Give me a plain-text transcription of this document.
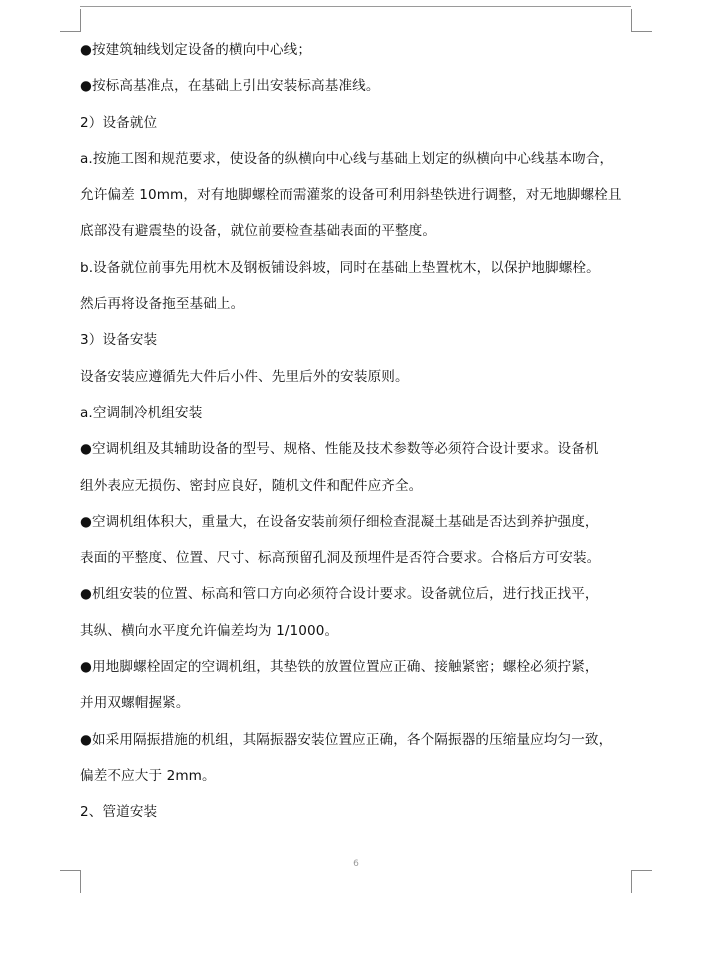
●按建筑轴线划定设备的横向中心线；
●按标高基准点，在基础上引出安装标高基准线。
2）设备就位
a.按施工图和规范要求，使设备的纵横向中心线与基础上划定的纵横向中心线基本吻合，
允许偏差 10mm，对有地脚螺栓而需灌浆的设备可利用斜垫铁进行调整，对无地脚螺栓且
底部没有避震垫的设备，就位前要检查基础表面的平整度。
b.设备就位前事先用枕木及钢板铺设斜坡，同时在基础上垫置枕木，以保护地脚螺栓。
然后再将设备拖至基础上。
3）设备安装
设备安装应遵循先大件后小件、先里后外的安装原则。
a.空调制冷机组安装
●空调机组及其辅助设备的型号、规格、性能及技术参数等必须符合设计要求。设备机
组外表应无损伤、密封应良好，随机文件和配件应齐全。
●空调机组体积大，重量大，在设备安装前须仔细检查混凝土基础是否达到养护强度，
表面的平整度、位置、尺寸、标高预留孔洞及预埋件是否符合要求。合格后方可安装。
●机组安装的位置、标高和管口方向必须符合设计要求。设备就位后，进行找正找平，
其纵、横向水平度允许偏差均为 1/1000。
●用地脚螺栓固定的空调机组，其垫铁的放置位置应正确、接触紧密；螺栓必须拧紧，
并用双螺帽握紧。
●如采用隔振措施的机组，其隔振器安装位置应正确，各个隔振器的压缩量应均匀一致，
偏差不应大于 2mm。
2、管道安装
6
